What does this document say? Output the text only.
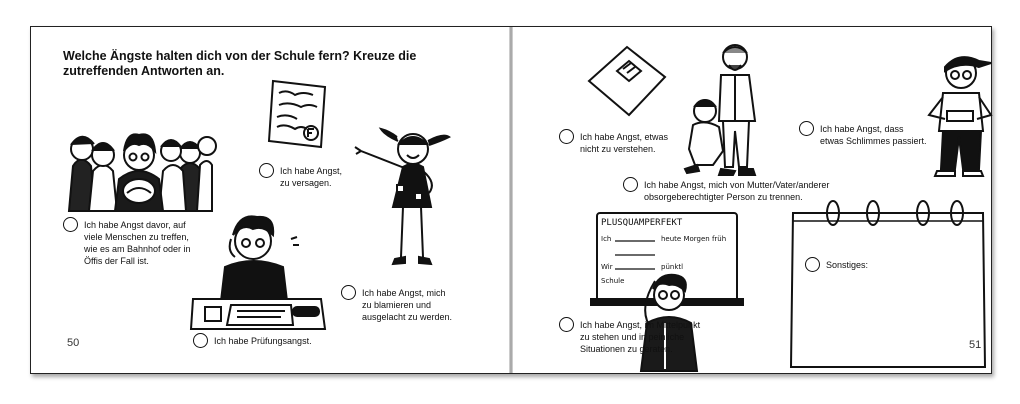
Welche Ängste halten dich von der Schule fern? Kreuze die zutreffenden Antworten an.

Ich habe Angst davor, auf
viele Menschen zu treffen,
wie es am Bahnhof oder in
Öffis der Fall ist.
Ich habe Angst,
zu versagen.
Ich habe Angst, mich
zu blamieren und
ausgelacht zu werden.
Ich habe Prüfungsangst.
50
PLUSQUAMPERFEKT
Ich	heute Morgen früh
Wir	pünktl
Schule
Ich habe Angst, etwas
nicht zu verstehen.
Ich habe Angst, dass
etwas Schlimmes passiert.
Ich habe Angst, mich von Mutter/Vater/anderer
obsorgeberechtigter Person zu trennen.
Ich habe Angst, im Mittelpunkt
zu stehen und in peinliche
Situationen zu geraten.
Sonstiges:
51
